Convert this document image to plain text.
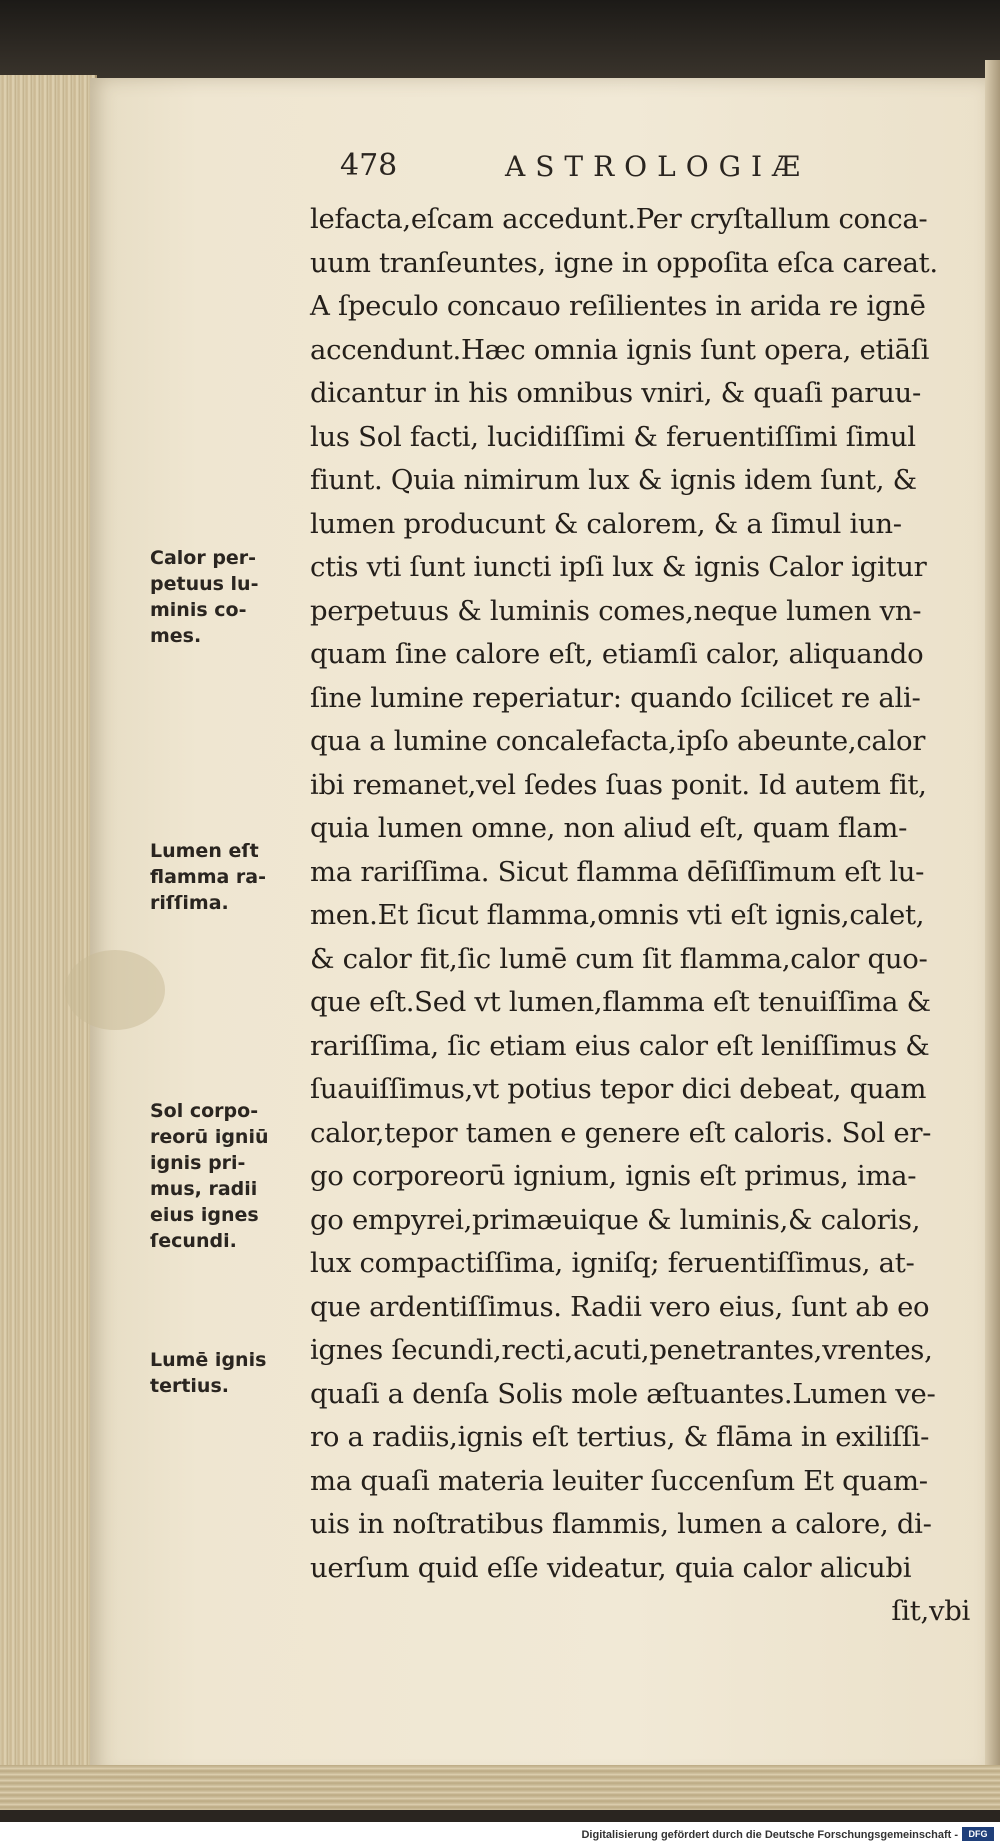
478	ASTROLOGIÆ
lefacta,eſcam accedunt.Per cryſtallum conca-
uum tranſeuntes, igne in oppoſita eſca careat.
A ſpeculo concauo reſilientes in arida re ignē
accendunt.Hæc omnia ignis ſunt opera, etiāſi
dicantur in his omnibus vniri, & quaſi paruu-
lus Sol facti, lucidiſſimi & feruentiſſimi ſimul
fiunt. Quia nimirum lux & ignis idem ſunt, &
lumen producunt & calorem, & a ſimul iun-
ctis vti ſunt iuncti ipſi lux & ignis Calor igitur
perpetuus & luminis comes,neque lumen vn-
quam ſine calore eſt, etiamſi calor, aliquando
ſine lumine reperiatur: quando ſcilicet re ali-
qua a lumine concalefacta,ipſo abeunte,calor
ibi remanet,vel ſedes ſuas ponit. Id autem fit,
quia lumen omne, non aliud eſt, quam flam-
ma rariſſima. Sicut flamma dēſiſſimum eſt lu-
men.Et ſicut flamma,omnis vti eſt ignis,calet,
& calor fit,ſic lumē cum ſit flamma,calor quo-
que eſt.Sed vt lumen,flamma eſt tenuiſſima &
rariſſima, ſic etiam eius calor eſt leniſſimus &
ſuauiſſimus,vt potius tepor dici debeat, quam
calor,tepor tamen e genere eſt caloris. Sol er-
go corporeorū ignium, ignis eſt primus, ima-
go empyrei,primæuique & luminis,& caloris,
lux compactiſſima, igniſq; feruentiſſimus, at-
que ardentiſſimus. Radii vero eius, ſunt ab eo
ignes ſecundi,recti,acuti,penetrantes,vrentes,
quaſi a denſa Solis mole æſtuantes.Lumen ve-
ro a radiis,ignis eſt tertius, & flāma in exiliſſi-
ma quaſi materia leuiter ſuccenſum Et quam-
uis in noſtratibus flammis, lumen a calore, di-
uerſum quid eſſe videatur, quia calor alicubi
ſit,vbi
Calor per-
petuus lu-
minis co-
mes.
Lumen eſt
flamma ra-
riſſima.
Sol corpo-
reorū igniū
ignis pri-
mus, radii
eius ignes
ſecundi.
Lumē ignis
tertius.
Digitalisierung gefördert durch die Deutsche Forschungsgemeinschaft -	DFG
